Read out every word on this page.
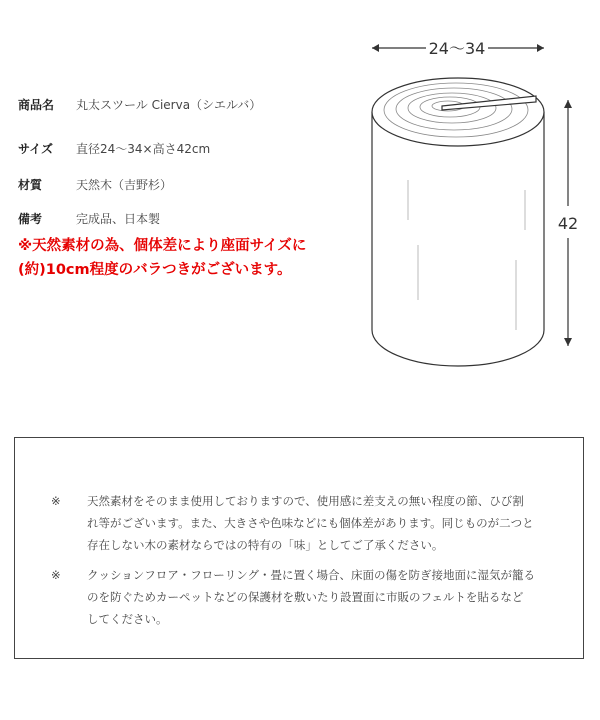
商品名 丸太スツール Cierva（シエルバ）
サイズ 直径24～34×高さ42cm
材質	天然木（吉野杉）
備考	完成品、日本製
※天然素材の為、個体差により座面サイズに
(約)10cm程度のバラつきがございます。
24～34
42
※ 天然素材をそのまま使用しておりますので、使用感に差支えの無い程度の節、ひび割
れ等がございます。また、大きさや色味などにも個体差があります。同じものが二つと
存在しない木の素材ならではの特有の「味」としてご了承ください。
※ クッションフロア・フローリング・畳に置く場合、床面の傷を防ぎ接地面に湿気が籠る
のを防ぐためカーペットなどの保護材を敷いたり設置面に市販のフェルトを貼るなど
してください。
